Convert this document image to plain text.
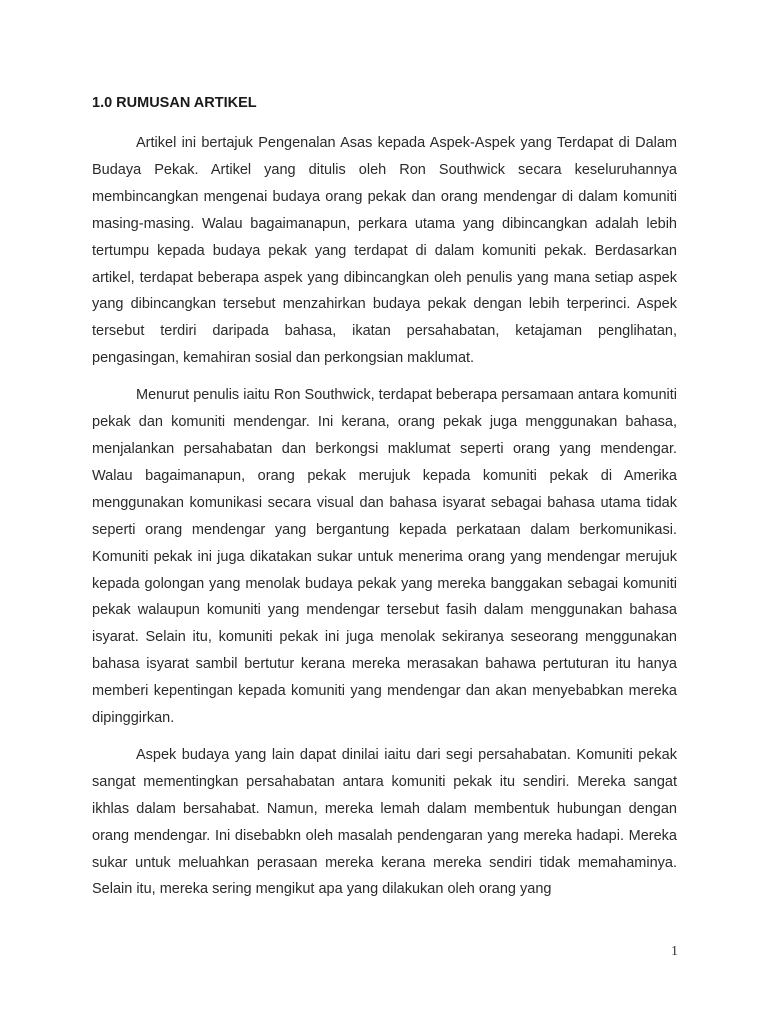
1.0 RUMUSAN ARTIKEL

Artikel ini bertajuk Pengenalan Asas kepada Aspek-Aspek yang Terdapat di Dalam Budaya Pekak. Artikel yang ditulis oleh Ron Southwick secara keseluruhannya membincangkan mengenai budaya orang pekak dan orang mendengar di dalam komuniti masing-masing. Walau bagaimanapun, perkara utama yang dibincangkan adalah lebih tertumpu kepada budaya pekak yang terdapat di dalam komuniti pekak. Berdasarkan artikel, terdapat beberapa aspek yang dibincangkan oleh penulis yang mana setiap aspek yang dibincangkan tersebut menzahirkan budaya pekak dengan lebih terperinci. Aspek tersebut terdiri daripada bahasa, ikatan persahabatan, ketajaman penglihatan, pengasingan, kemahiran sosial dan perkongsian maklumat.

Menurut penulis iaitu Ron Southwick, terdapat beberapa persamaan antara komuniti pekak dan komuniti mendengar. Ini kerana, orang pekak juga menggunakan bahasa, menjalankan persahabatan dan berkongsi maklumat seperti orang yang mendengar. Walau bagaimanapun, orang pekak merujuk kepada komuniti pekak di Amerika menggunakan komunikasi secara visual dan bahasa isyarat sebagai bahasa utama tidak seperti orang mendengar yang bergantung kepada perkataan dalam berkomunikasi. Komuniti pekak ini juga dikatakan sukar untuk menerima orang yang mendengar merujuk kepada golongan yang menolak budaya pekak yang mereka banggakan sebagai komuniti pekak walaupun komuniti yang mendengar tersebut fasih dalam menggunakan bahasa isyarat. Selain itu, komuniti pekak ini juga menolak sekiranya seseorang menggunakan bahasa isyarat sambil bertutur kerana mereka merasakan bahawa pertuturan itu hanya memberi kepentingan kepada komuniti yang mendengar dan akan menyebabkan mereka dipinggirkan.

Aspek budaya yang lain dapat dinilai iaitu dari segi persahabatan. Komuniti pekak sangat mementingkan persahabatan antara komuniti pekak itu sendiri. Mereka sangat ikhlas dalam bersahabat. Namun, mereka lemah dalam membentuk hubungan dengan orang mendengar. Ini disebabkn oleh masalah pendengaran yang mereka hadapi. Mereka sukar untuk meluahkan perasaan mereka kerana mereka sendiri tidak memahaminya. Selain itu, mereka sering mengikut apa yang dilakukan oleh orang yang

1
